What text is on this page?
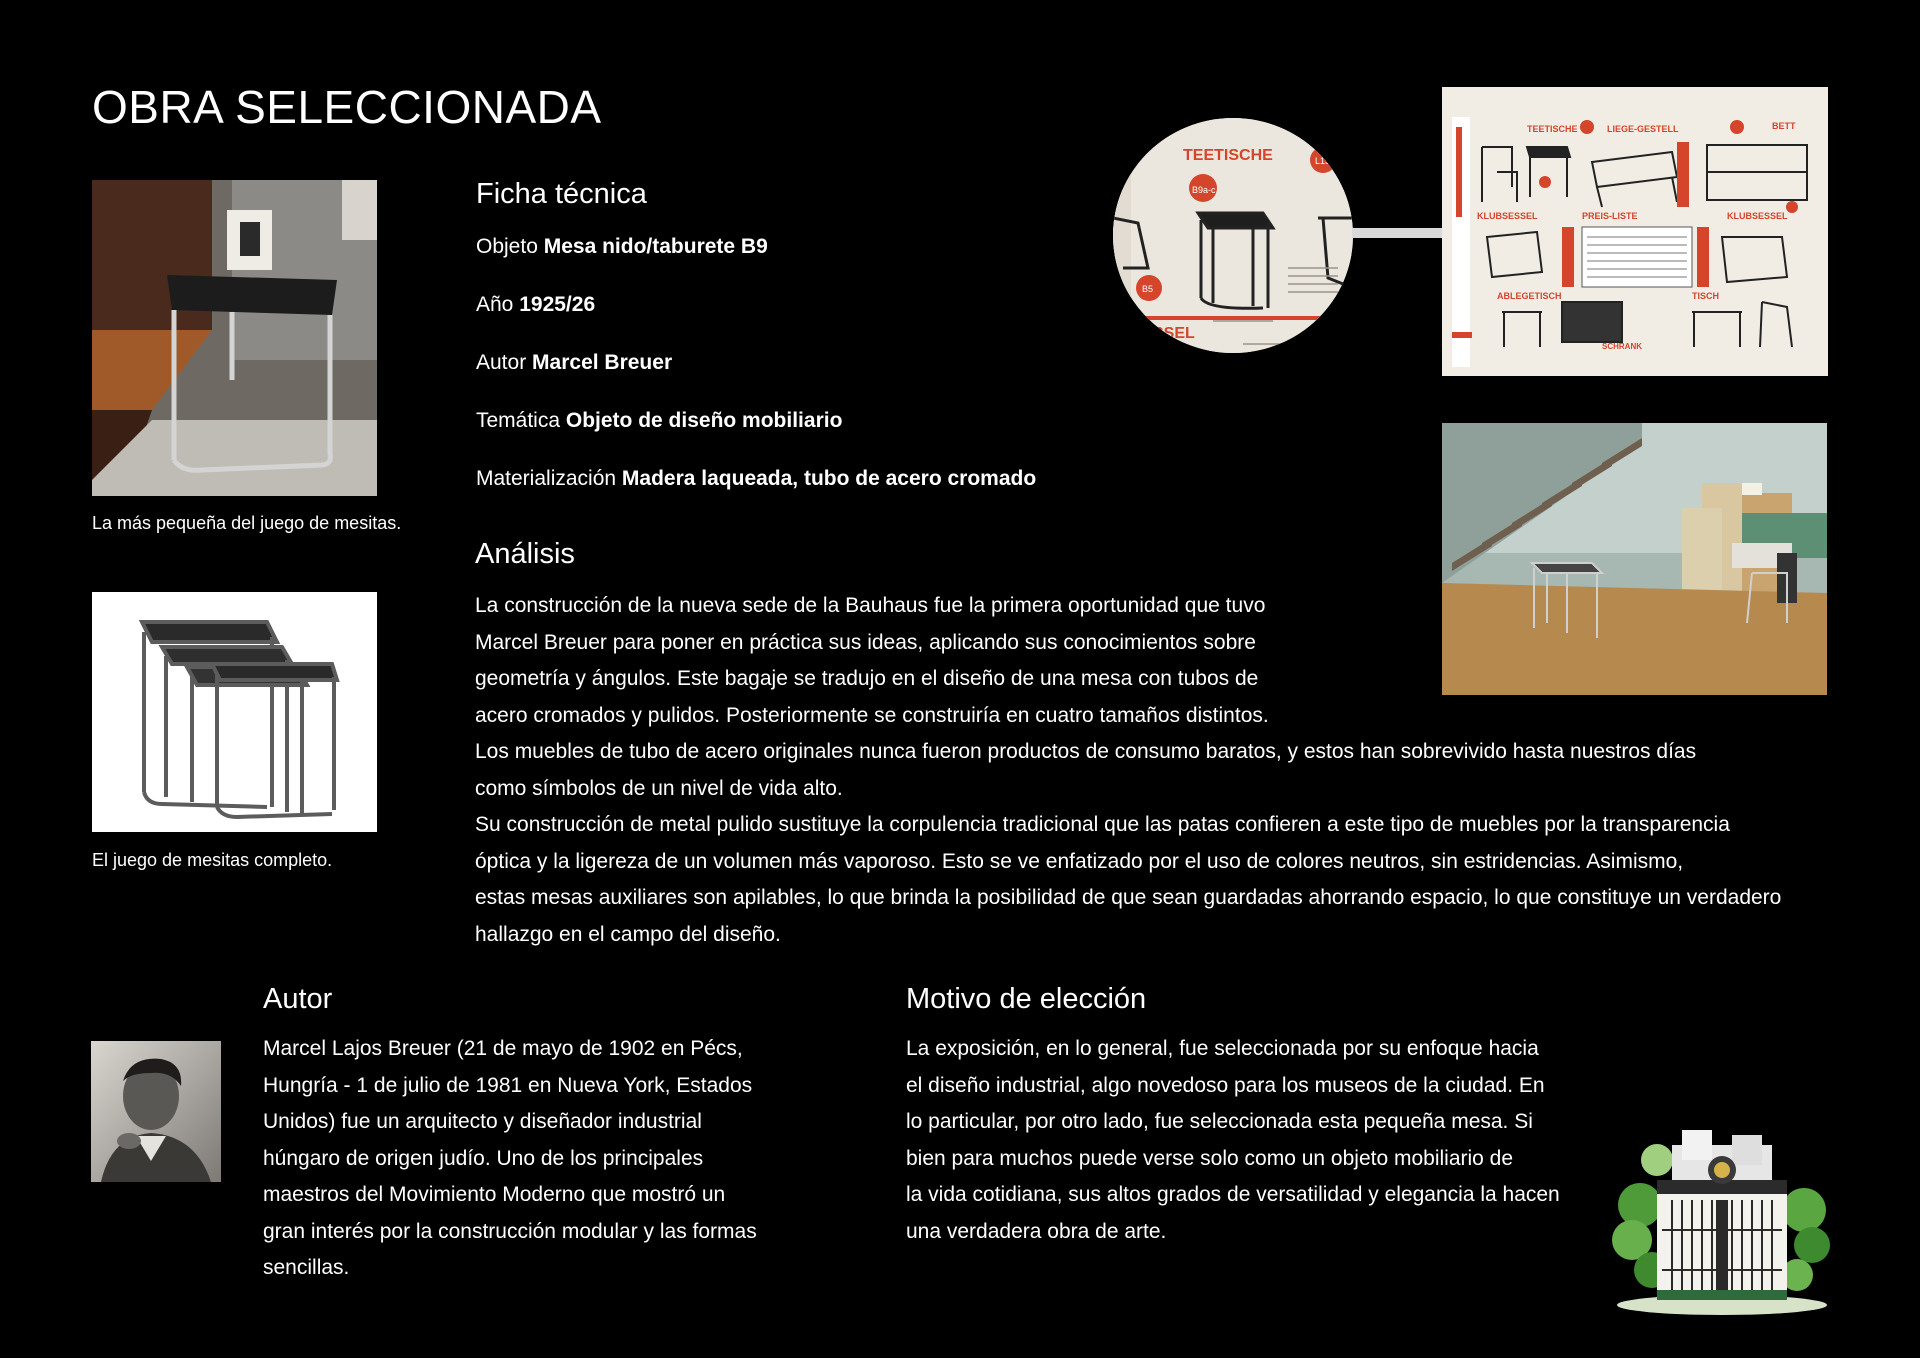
OBRA SELECCIONADA
La más pequeña del juego de mesitas.
El juego de mesitas completo.
Ficha técnica
Objeto Mesa nido/taburete B9
Año 1925/26
Autor Marcel Breuer
Temática Objeto de diseño mobiliario
Materialización Madera laqueada, tubo de acero cromado
TEETISCHE
B9a-c
L15
B5
SSEL
TEETISCHE	LIEGE-GESTELL	BETT
KLUBSESSEL	PREIS-LISTE	KLUBSESSEL
ABLEGETISCH	TISCH
SCHRANK
Análisis
La construcción de la nueva sede de la Bauhaus fue la primera oportunidad que tuvo
Marcel Breuer para poner en práctica sus ideas, aplicando sus conocimientos sobre
geometría y ángulos. Este bagaje se tradujo en el diseño de una mesa con tubos de
acero cromados y pulidos. Posteriormente se construiría en cuatro tamaños distintos.
Los muebles de tubo de acero originales nunca fueron productos de consumo baratos, y estos han sobrevivido hasta nuestros días
como símbolos de un nivel de vida alto.
Su construcción de metal pulido sustituye la corpulencia tradicional que las patas confieren a este tipo de muebles por la transparencia
óptica y la ligereza de un volumen más vaporoso. Esto se ve enfatizado por el uso de colores neutros, sin estridencias. Asimismo,
estas mesas auxiliares son apilables, lo que brinda la posibilidad de que sean guardadas ahorrando espacio, lo que constituye un verdadero
hallazgo en el campo del diseño.
Autor
Marcel Lajos Breuer (21 de mayo de 1902 en Pécs,
Hungría - 1 de julio de 1981 en Nueva York, Estados
Unidos) fue un arquitecto y diseñador industrial
húngaro de origen judío. Uno de los principales
maestros del Movimiento Moderno que mostró un
gran interés por la construcción modular y las formas
sencillas.
Motivo de elección
La exposición, en lo general, fue seleccionada por su enfoque hacia
el diseño industrial, algo novedoso para los museos de la ciudad. En
lo particular, por otro lado, fue seleccionada esta pequeña mesa. Si
bien para muchos puede verse solo como un objeto mobiliario de
la vida cotidiana, sus altos grados de versatilidad y elegancia la hacen
una verdadera obra de arte.
